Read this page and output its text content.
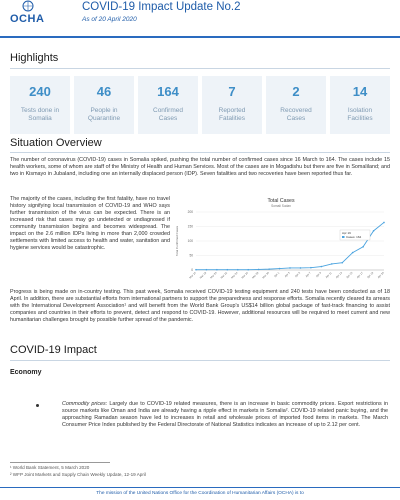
OCHA
COVID-19 Impact Update No.2
As of 20 April 2020
Highlights
240
Tests done in
Somalia
46
People in
Quarantine
164
Confirmed
Cases
7
Reported
Fatalities
2
Recovered
Cases
14
Isolation
Facilities
Situation Overview
The number of coronavirus (COVID-19) cases in Somalia spiked, pushing the total number of confirmed cases since 16 March to 164. The cases include 15 health workers, some of whom are staff of the Ministry of Health and Human Services. Most of the cases are in Mogadishu but there are five in Somaliland; and two in Kismayo in Jubaland, including one an internally displaced person (IDP). Seven fatalities and two recoveries have been reported thus far.
The majority of the cases, including the first fatality, have no travel history signifying local transmission of COVID-19 and WHO says further transmission of the virus can be expected. There is an increased risk that cases may go undetected or undiagnosed if community transmission begins and becomes widespread. The impact on the 2.6 million IDPs living in more than 2,000 crowded settlements with limited access to health and water, sanitation and hygiene services would be catastrophic.
Total Cases
Somali Sudan
0
50
100
150
200
Total Confirmed Cases
Mar 16 Mar 18 Mar 20 Mar 22 Mar 24 Mar 26 Mar 28 Mar 30 Apr 1 Apr 3 Apr 5 Apr 7 Apr 9 Apr 11 Apr 13 Apr 15 Apr 17 Apr 19 Apr 20
Apr 19
Cases: 164
Progress is being made on in-country testing. This past week, Somalia received COVID-19 testing equipment and 240 tests have been conducted as of 18 April. In addition, there are substantial efforts from international partners to support the preparedness and response efforts. Somalia recently cleared its arrears with the International Development Association¹ and will benefit from the World Bank Group's US$14 billion global package of fast-track financing to assist companies and countries in their efforts to prevent, detect and respond to COVID-19. However, additional resources will be required to meet current and new humanitarian challenges brought by possible further spread of the pandemic.
COVID-19 Impact
Economy
Commodity prices: Largely due to COVID-19 related measures, there is an increase in basic commodity prices. Export restrictions in source markets like Oman and India are already having a ripple effect in markets in Somalia². COVID-19 related panic buying, and the approaching Ramadan season have led to increases in retail and wholesale prices of imported food items in markets. The March Consumer Price Index published by the Federal Directorate of National Statistics indicates an increase of up to 2.12 per cent.
¹ World Bank Statement, 5 March 2020
² WFP Joint Markets and Supply Chain Weekly Update, 12-19 April
The mission of the United Nations Office for the Coordination of Humanitarian Affairs (OCHA) is to
